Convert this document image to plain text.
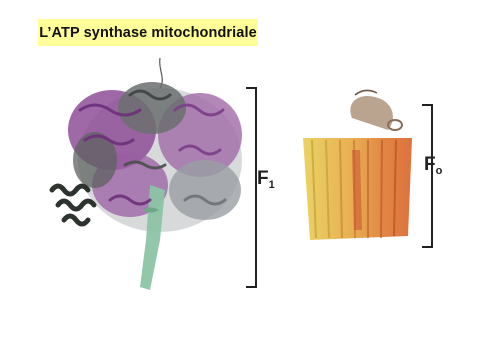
L’ATP synthase mitochondriale
$F_1$
$F_o$
